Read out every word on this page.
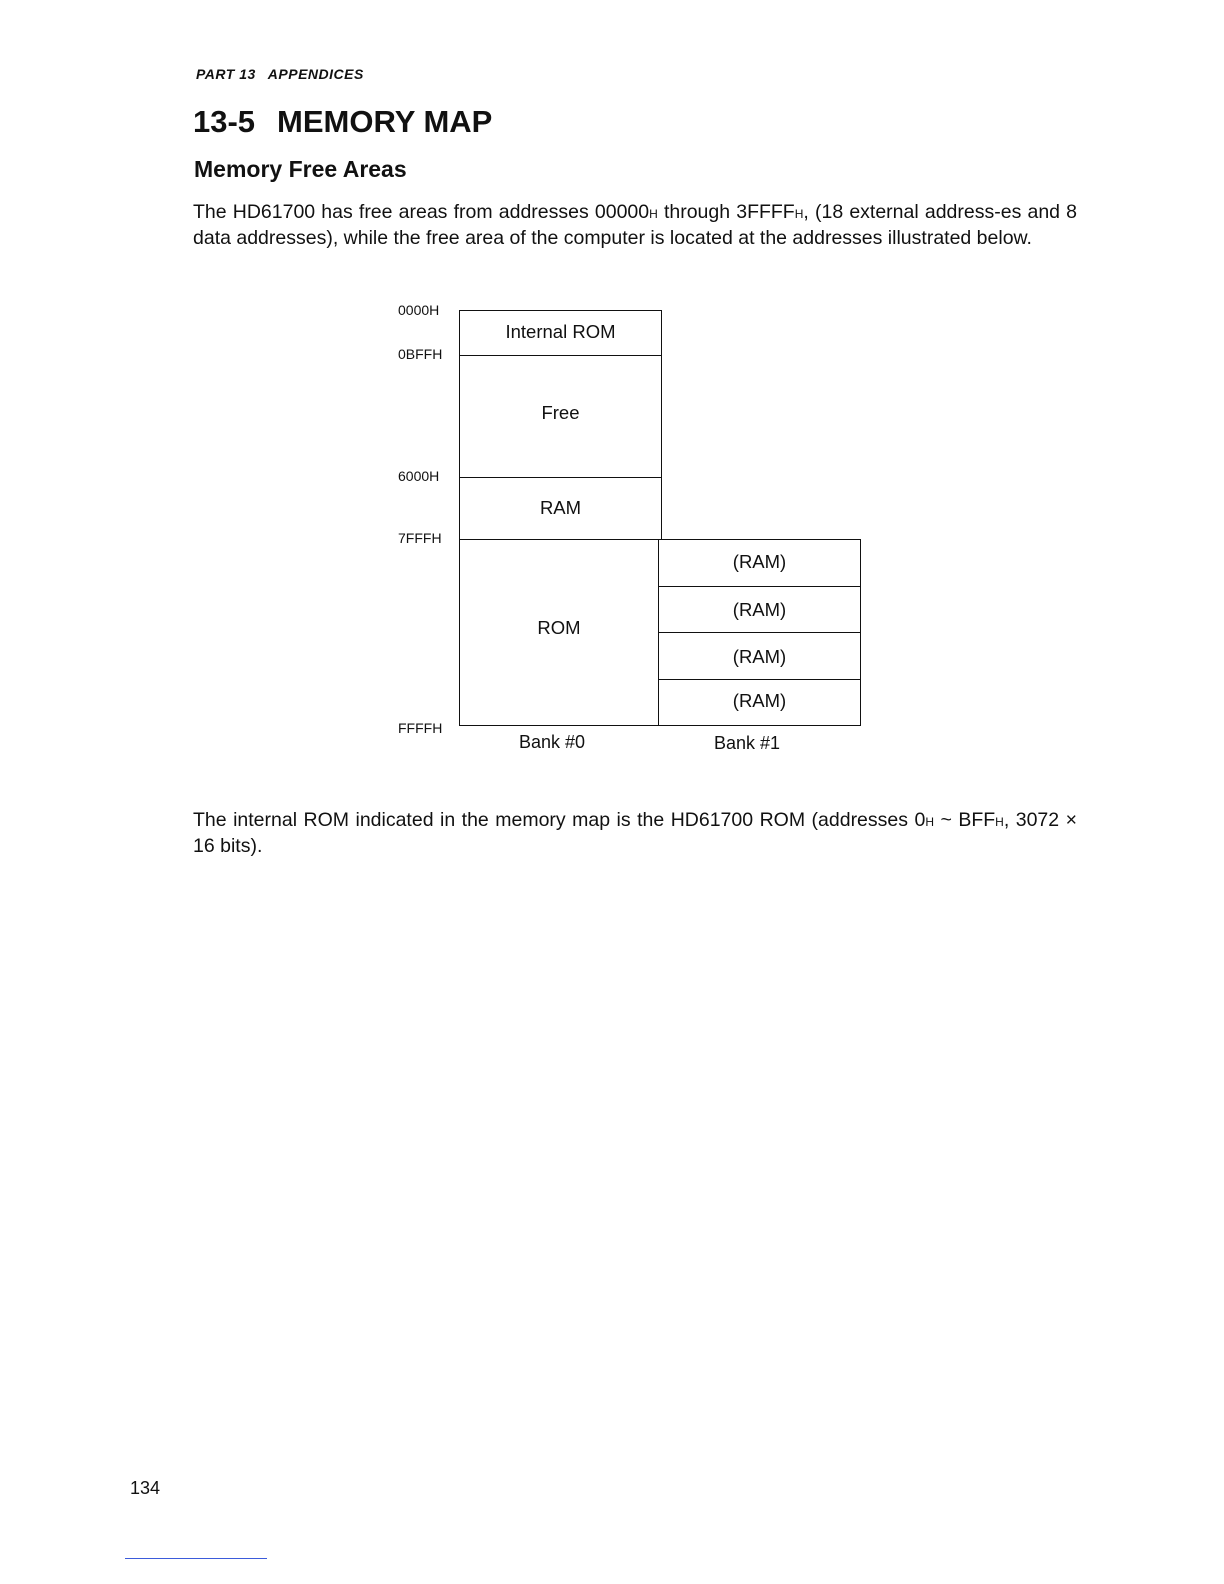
PART 13 APPENDICES
13-5 MEMORY MAP
Memory Free Areas
The HD61700 has free areas from addresses 00000H through 3FFFFH, (18 external address-es and 8 data addresses), while the free area of the computer is located at the addresses illustrated below.
0000H
0BFFH
6000H
7FFFH
FFFFH
Internal ROM
Free
RAM
ROM
(RAM)
(RAM)
(RAM)
(RAM)
Bank #0	Bank #1
The internal ROM indicated in the memory map is the HD61700 ROM (addresses 0H ~ BFFH, 3072 × 16 bits).
134
